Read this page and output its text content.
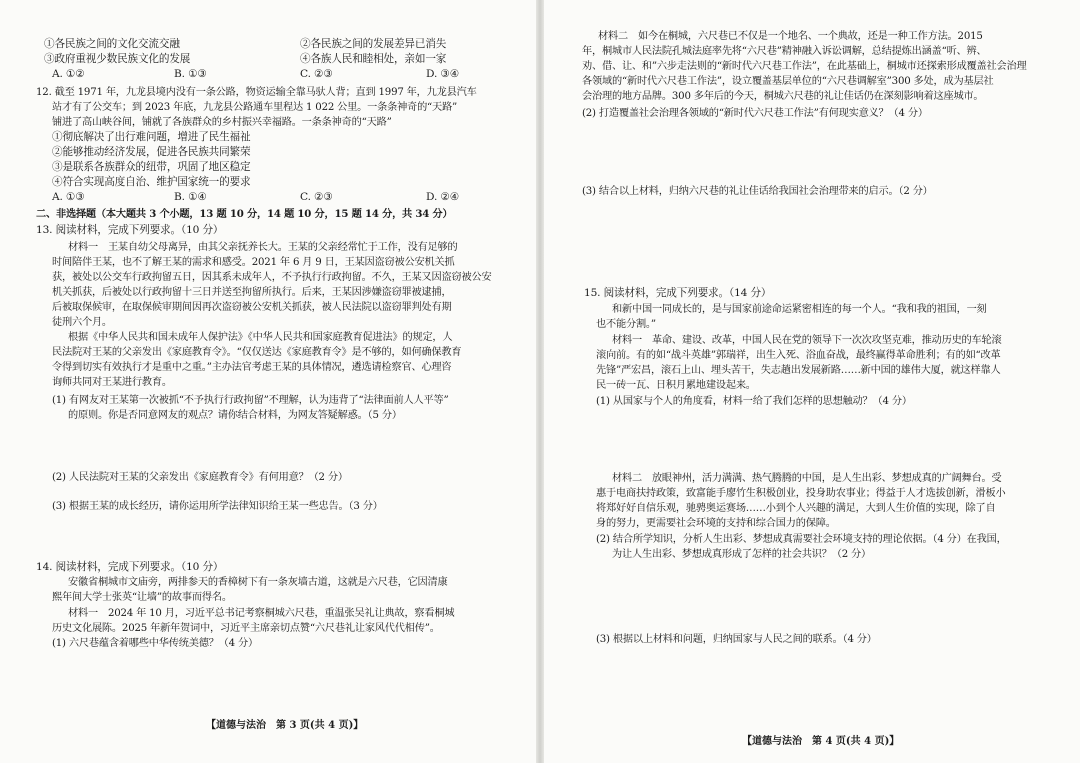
①各民族之间的文化交流交融	②各民族之间的发展差异已消失
③政府重视少数民族文化的发展	④各族人民和睦相处，亲如一家
A. ①②	B. ①③	C. ②③	D. ③④
12. 截至 1971 年，九龙县境内没有一条公路，物资运输全靠马驮人背；直到 1997 年，九龙县汽车
站才有了公交车；到 2023 年底，九龙县公路通车里程达 1 022 公里。一条条神奇的“天路”
铺进了高山峡谷间，铺就了各族群众的乡村振兴幸福路。一条条神奇的“天路”
①彻底解决了出行难问题，增进了民生福祉
②能够推动经济发展，促进各民族共同繁荣
③是联系各族群众的纽带，巩固了地区稳定
④符合实现高度自治、维护国家统一的要求
A. ①③	B. ①④	C. ②③	D. ②④
二、非选择题（本大题共 3 个小题，13 题 10 分，14 题 10 分，15 题 14 分，共 34 分）
13. 阅读材料，完成下列要求。（10 分）
材料一　王某自幼父母离异，由其父亲抚养长大。王某的父亲经常忙于工作，没有足够的
时间陪伴王某，也不了解王某的需求和感受。2021 年 6 月 9 日，王某因盗窃被公安机关抓
获，被处以公交车行政拘留五日，因其系未成年人，不予执行行政拘留。不久，王某又因盗窃被公安
机关抓获，后被处以行政拘留十三日并送至拘留所执行。后来，王某因涉嫌盗窃罪被逮捕，
后被取保候审，在取保候审期间因再次盗窃被公安机关抓获，被人民法院以盗窃罪判处有期
徒刑六个月。
根据《中华人民共和国未成年人保护法》《中华人民共和国家庭教育促进法》的规定，人
民法院对王某的父亲发出《家庭教育令》。“仅仅送达《家庭教育令》是不够的，如何确保教育
令得到切实有效执行才是重中之重。”主办法官考虑王某的具体情况，遴选请检察官、心理咨
询师共同对王某进行教育。
(1) 有网友对王某第一次被抓“不予执行行政拘留”不理解，认为违背了“法律面前人人平等”
的原则。你是否同意网友的观点？请你结合材料，为网友答疑解惑。（5 分）
(2) 人民法院对王某的父亲发出《家庭教育令》有何用意？（2 分）
(3) 根据王某的成长经历，请你运用所学法律知识给王某一些忠告。（3 分）
14. 阅读材料，完成下列要求。（10 分）
安徽省桐城市文庙旁，两排参天的香樟树下有一条灰墙古道，这就是六尺巷，它因清康
熙年间大学士张英“让墙”的故事而得名。
材料一　2024 年 10 月，习近平总书记考察桐城六尺巷，重温张吴礼让典故，察看桐城
历史文化展陈。2025 年新年贺词中，习近平主席亲切点赞“六尺巷礼让家风代代相传”。
(1) 六尺巷蕴含着哪些中华传统美德？（4 分）
【道德与法治　第 3 页(共 4 页)】
材料二　如今在桐城，六尺巷已不仅是一个地名、一个典故，还是一种工作方法。2015
年，桐城市人民法院孔城法庭率先将“六尺巷”精神融入诉讼调解，总结提炼出涵盖“听、辨、
劝、借、让、和”六步走法则的“新时代六尺巷工作法”，在此基础上，桐城市还探索形成覆盖社会治理
各领域的“新时代六尺巷工作法”，设立覆盖基层单位的“六尺巷调解室”300 多处，成为基层社
会治理的地方品牌。300 多年后的今天，桐城六尺巷的礼让佳话仍在深刻影响着这座城市。
(2) 打造覆盖社会治理各领域的“新时代六尺巷工作法”有何现实意义？（4 分）
(3) 结合以上材料，归纳六尺巷的礼让佳话给我国社会治理带来的启示。（2 分）
15. 阅读材料，完成下列要求。（14 分）
和新中国一同成长的，是与国家前途命运紧密相连的每一个人。“我和我的祖国，一刻
也不能分割。”
材料一　革命、建设、改革，中国人民在党的领导下一次次攻坚克难，推动历史的车轮滚
滚向前。有的如“战斗英雄”郭瑞祥，出生入死、浴血奋战，最终赢得革命胜利；有的如“改革
先锋”严宏昌，滚石上山、埋头苦干，失志趟出发展新路……新中国的雄伟大厦，就这样靠人
民一砖一瓦、日积月累地建设起来。
(1) 从国家与个人的角度看，材料一给了我们怎样的思想触动？（4 分）
材料二　放眼神州，活力满满、热气腾腾的中国，是人生出彩、梦想成真的广阔舞台。受
惠于电商扶持政策，致富能手廖竹生积极创业，投身助农事业；得益于人才选拔创新，滑板小
将郑好好自信乐观，驰骋奥运赛场……小到个人兴趣的满足，大到人生价值的实现，除了自
身的努力，更需要社会环境的支持和综合国力的保障。
(2) 结合所学知识，分析人生出彩、梦想成真需要社会环境支持的理论依据。（4 分）在我国，
为让人生出彩、梦想成真形成了怎样的社会共识？（2 分）
(3) 根据以上材料和问题，归纳国家与人民之间的联系。（4 分）
【道德与法治　第 4 页(共 4 页)】
